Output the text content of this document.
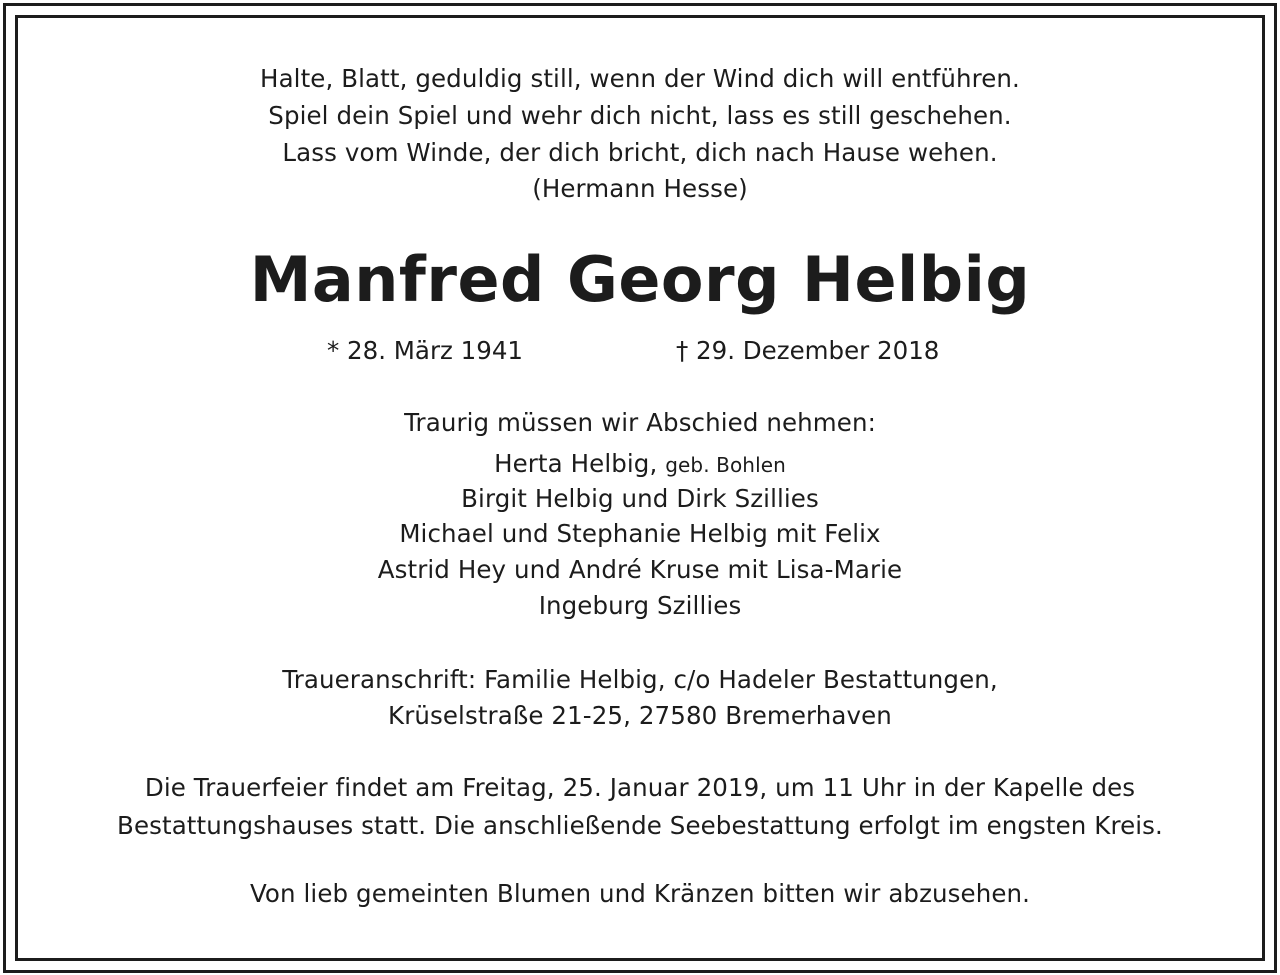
Halte, Blatt, geduldig still, wenn der Wind dich will entführen.
Spiel dein Spiel und wehr dich nicht, lass es still geschehen.
Lass vom Winde, der dich bricht, dich nach Hause wehen.
(Hermann Hesse)
Manfred Georg Helbig
* 28. März 1941	† 29. Dezember 2018
Traurig müssen wir Abschied nehmen:
Herta Helbig, geb. Bohlen
Birgit Helbig und Dirk Szillies
Michael und Stephanie Helbig mit Felix
Astrid Hey und André Kruse mit Lisa-Marie
Ingeburg Szillies
Traueranschrift: Familie Helbig, c/o Hadeler Bestattungen,
Krüselstraße 21-25, 27580 Bremerhaven
Die Trauerfeier findet am Freitag, 25. Januar 2019, um 11 Uhr in der Kapelle des
Bestattungshauses statt. Die anschließende Seebestattung erfolgt im engsten Kreis.
Von lieb gemeinten Blumen und Kränzen bitten wir abzusehen.
